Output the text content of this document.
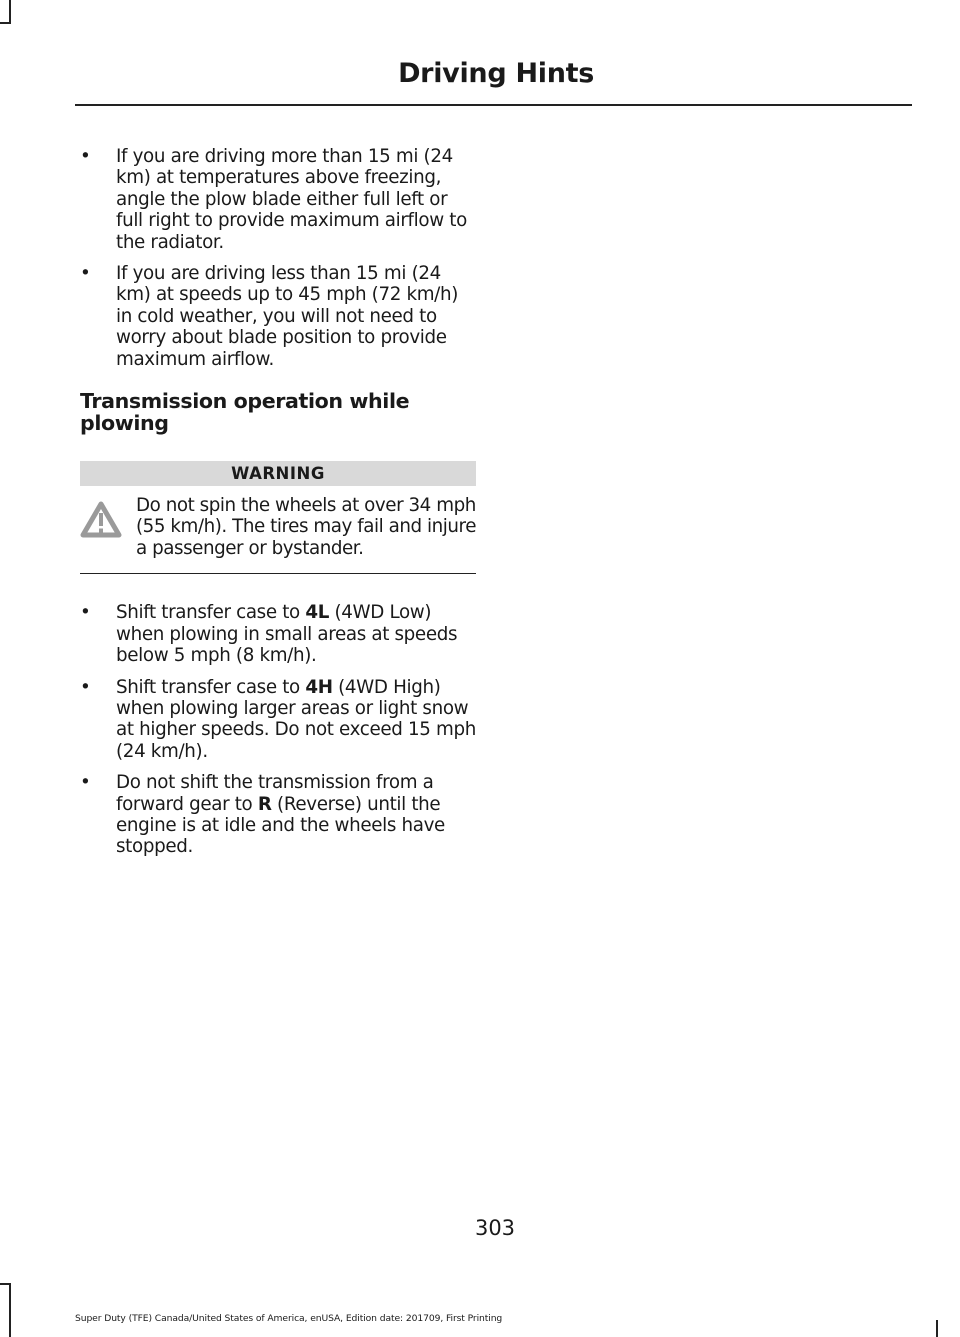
Driving Hints
• If you are driving more than 15 mi (24 km) at temperatures above freezing, angle the plow blade either full left or full right to provide maximum airflow to the radiator.
• If you are driving less than 15 mi (24 km) at speeds up to 45 mph (72 km/h) in cold weather, you will not need to worry about blade position to provide maximum airflow.
Transmission operation while plowing
WARNING
Do not spin the wheels at over 34 mph (55 km/h). The tires may fail and injure a passenger or bystander.
• Shift transfer case to 4L (4WD Low) when plowing in small areas at speeds below 5 mph (8 km/h).
• Shift transfer case to 4H (4WD High) when plowing larger areas or light snow at higher speeds. Do not exceed 15 mph (24 km/h).
• Do not shift the transmission from a forward gear to R (Reverse) until the engine is at idle and the wheels have stopped.
303
Super Duty (TFE) Canada/United States of America, enUSA, Edition date: 201709, First Printing
